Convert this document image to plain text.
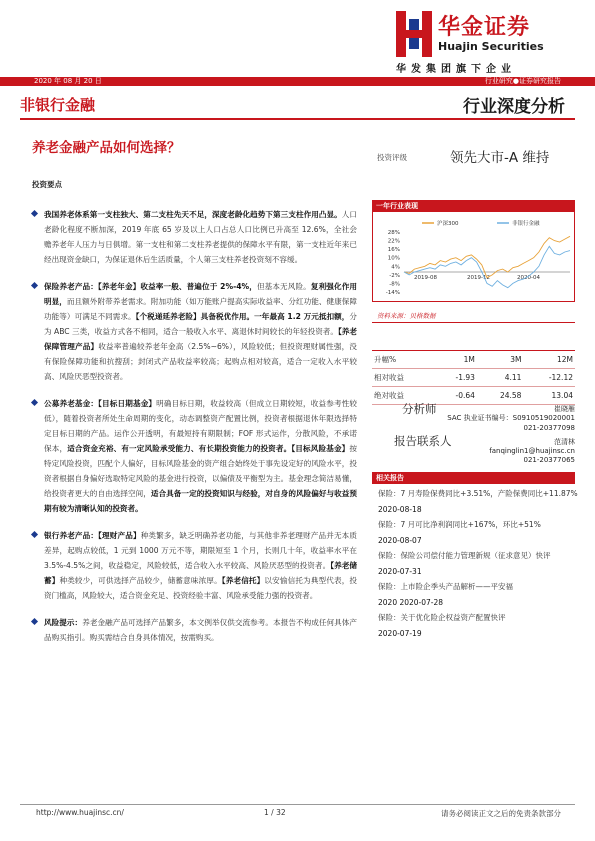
华金证券
Huajin Securities
华发集团旗下企业
2020 年 08 月 20 日	行业研究●证券研究报告
非银行金融	行业深度分析
养老金融产品如何选择？
投资评级	领先大市-A 维持
投资要点
我国养老体系第一支柱独大、第二支柱先天不足，深度老龄化趋势下第三支柱作用凸显。人口老龄化程度不断加深，2019 年底 65 岁及以上人口占总人口比例已升高至 12.6%，全社会赡养老年人压力与日俱增。第一支柱和第二支柱养老提供的保障水平有限，第一支柱近年来已经出现资金缺口，为保证退休后生活质量，个人第三支柱养老投资刻不容缓。
保险养老产品：【养老年金】收益率一般、普遍位于 2%-4%，但基本无风险。复利强化作用明显，而且额外附带养老需求。附加功能（如万能账户提高实际收益率、分红功能、健康保障功能等）可满足不同需求。【个税递延养老险】具备税优作用。一年最高 1.2 万元抵扣额，分为 ABC 三类，收益方式各不相同，适合一般收入水平、离退休时间较长的年轻投资者。【养老保障管理产品】收益率普遍较养老年金高（2.5%~6%），风险较低；但投资理财属性强，没有保险保障功能和抗搜刮；封闭式产品收益率较高；起购点相对较高，适合一定收入水平较高、风险厌恶型投资者。
公募养老基金：【目标日期基金】明确目标日期，收益较高（但成立日期较短，收益参考性较低），随着投资者所处生命周期的变化，动态调整资产配置比例，投资者根据退休年限选择特定目标日期的产品。运作公开透明，有最短持有期限制；FOF 形式运作，分散风险，不承诺保本，适合资金充裕、有一定风险承受能力、有长期投资能力的投资者。【目标风险基金】按特定风险投资，匹配个人偏好，目标风险基金的资产组合始终处于事先设定好的风险水平，投资者根据自身偏好选取特定风险的基金进行投资，以偏债及平衡型为主。基金理念简洁易懂，给投资者更大的自由选择空间，适合具备一定的投资知识与经验，对自身的风险偏好与收益预期有较为清晰认知的投资者。
银行养老产品：【理财产品】种类繁多，缺乏明确养老功能，与其他非养老理财产品并无本质差异，起购点较低，1 元到 1000 万元不等，期限短至 1 个月，长则几十年，收益率水平在 3.5%-4.5%之间，收益稳定，风险较低，适合收入水平较高、风险厌恶型的投资者。【养老储蓄】种类较少，可供选择产品较少，储蓄意味浓厚。【养老信托】以安愉信托为典型代表，投资门槛高，风险较大，适合资金充足、投资经验丰富、风险承受能力强的投资者。
风险提示：养老金融产品可选择产品繁多，本文例举仅供交流参考。本报告不构成任何具体产品购买指引。购买需结合自身具体情况，按需购买。
一年行业表现
28%
22%
16%
10%
4%
-2%
-8%
-14%
2019-08	2019-12	2020-04
沪深300	非银行金融
资料来源：贝格数据
升幅%	1M	3M	12M
相对收益	-1.93	4.11	-12.12
绝对收益	-0.64	24.58	13.04
分析师	崔晓雁
SAC 执业证书编号：S0910519020001
021-20377098
报告联系人	范清林
fanqinglin1@huajinsc.cn
021-20377065
相关报告
保险：7 月寿险保费同比+3.51%，产险保费同比+11.87%
2020-08-18
保险：7 月可比净利润同比+167%，环比+51%
2020-08-07
保险：保险公司偿付能力管理新规（征求意见）快评
2020-07-31
保险：上市险企季头产品解析——平安福
2020 2020-07-28
保险：关于优化险企权益资产配置快评
2020-07-19
http://www.huajinsc.cn/	1 / 32	请务必阅读正文之后的免责条款部分
